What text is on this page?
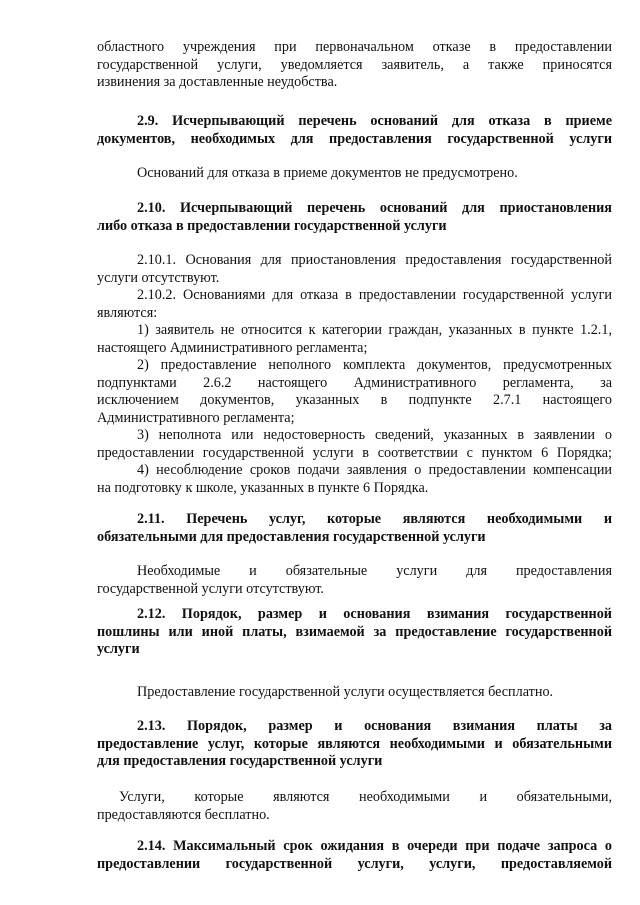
областного учреждения при первоначальном отказе в предоставлении
государственной услуги, уведомляется заявитель, а также приносятся
извинения за доставленные неудобства.
2.9. Исчерпывающий перечень оснований для отказа в приеме
документов, необходимых для предоставления государственной услуги
Оснований для отказа в приеме документов не предусмотрено.
2.10. Исчерпывающий перечень оснований для приостановления
либо отказа в предоставлении государственной услуги
2.10.1. Основания для приостановления предоставления государственной
услуги отсутствуют.
2.10.2. Основаниями для отказа в предоставлении государственной услуги
являются:
1) заявитель не относится к категории граждан, указанных в пункте 1.2.1,
настоящего Административного регламента;
2) предоставление неполного комплекта документов, предусмотренных
подпунктами 2.6.2 настоящего Административного регламента, за
исключением документов, указанных в подпункте 2.7.1 настоящего
Административного регламента;
3) неполнота или недостоверность сведений, указанных в заявлении о
предоставлении государственной услуги в соответствии с пунктом 6 Порядка;
4) несоблюдение сроков подачи заявления о предоставлении компенсации
на подготовку к школе, указанных в пункте 6 Порядка.
2.11. Перечень услуг, которые являются необходимыми и
обязательными для предоставления государственной услуги
Необходимые и обязательные услуги для предоставления
государственной услуги отсутствуют.
2.12. Порядок, размер и основания взимания государственной
пошлины или иной платы, взимаемой за предоставление государственной
услуги
Предоставление государственной услуги осуществляется бесплатно.
2.13. Порядок, размер и основания взимания платы за
предоставление услуг, которые являются необходимыми и обязательными
для предоставления государственной услуги
Услуги, которые являются необходимыми и обязательными,
предоставляются бесплатно.
2.14. Максимальный срок ожидания в очереди при подаче запроса о
предоставлении государственной услуги, услуги, предоставляемой
